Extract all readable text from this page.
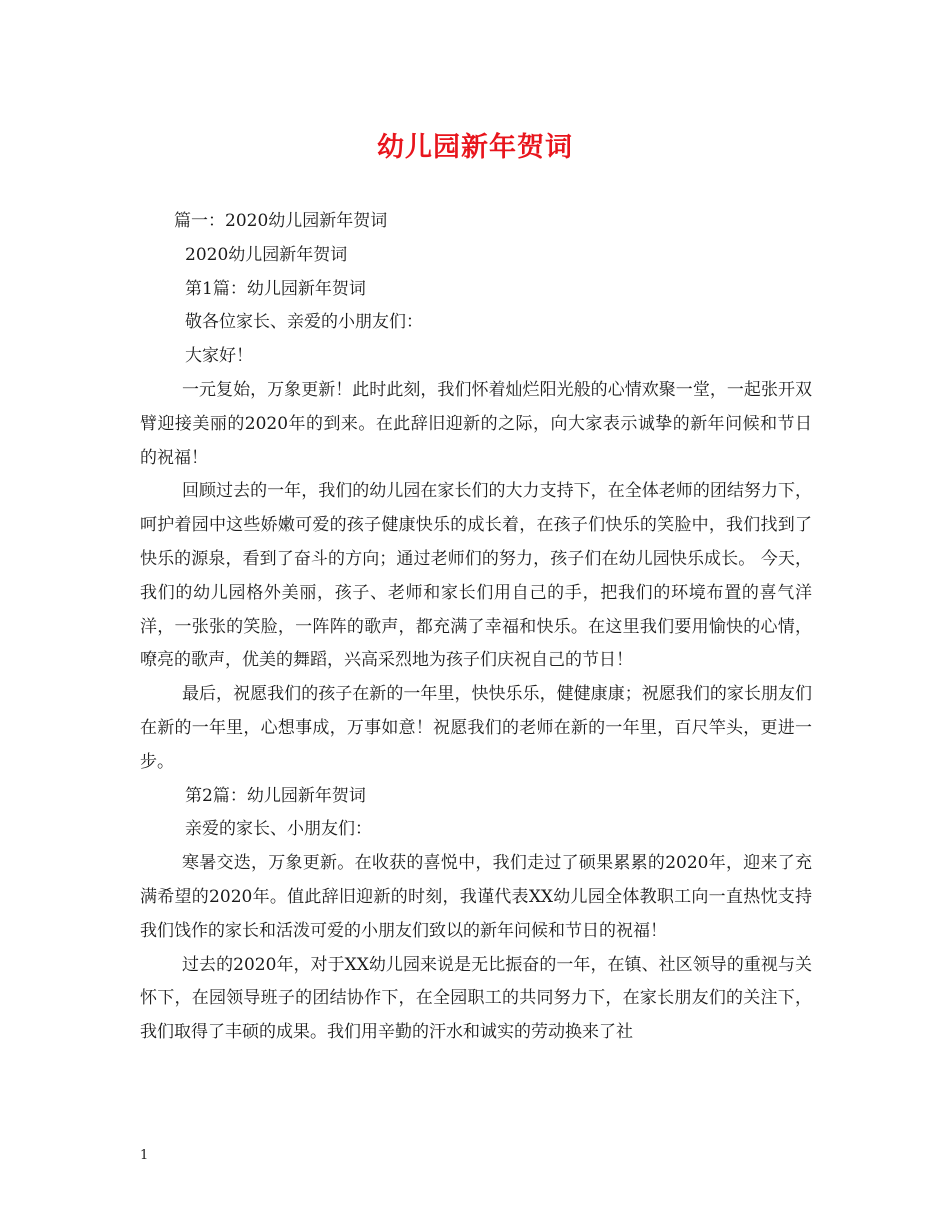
幼儿园新年贺词

篇一：2020幼儿园新年贺词

2020幼儿园新年贺词

第1篇：幼儿园新年贺词

敬各位家长、亲爱的小朋友们：

大家好！

一元复始，万象更新！此时此刻，我们怀着灿烂阳光般的心情欢聚一堂，一起张开双臂迎接美丽的2020年的到来。在此辞旧迎新的之际，向大家表示诚挚的新年问候和节日的祝福！

回顾过去的一年，我们的幼儿园在家长们的大力支持下，在全体老师的团结努力下，呵护着园中这些娇嫩可爱的孩子健康快乐的成长着，在孩子们快乐的笑脸中，我们找到了快乐的源泉，看到了奋斗的方向；通过老师们的努力，孩子们在幼儿园快乐成长。 今天，我们的幼儿园格外美丽，孩子、老师和家长们用自己的手，把我们的环境布置的喜气洋洋，一张张的笑脸，一阵阵的歌声，都充满了幸福和快乐。在这里我们要用愉快的心情，嘹亮的歌声，优美的舞蹈，兴高采烈地为孩子们庆祝自己的节日！

最后，祝愿我们的孩子在新的一年里，快快乐乐，健健康康；祝愿我们的家长朋友们在新的一年里，心想事成，万事如意！祝愿我们的老师在新的一年里，百尺竿头，更进一步。

第2篇：幼儿园新年贺词

亲爱的家长、小朋友们：

寒暑交迭，万象更新。在收获的喜悦中，我们走过了硕果累累的2020年，迎来了充满希望的2020年。值此辞旧迎新的时刻，我谨代表XX幼儿园全体教职工向一直热忱支持我们饯作的家长和活泼可爱的小朋友们致以的新年问候和节日的祝福！

过去的2020年，对于XX幼儿园来说是无比振奋的一年，在镇、社区领导的重视与关怀下，在园领导班子的团结协作下，在全园职工的共同努力下，在家长朋友们的关注下，我们取得了丰硕的成果。我们用辛勤的汗水和诚实的劳动换来了社

1
